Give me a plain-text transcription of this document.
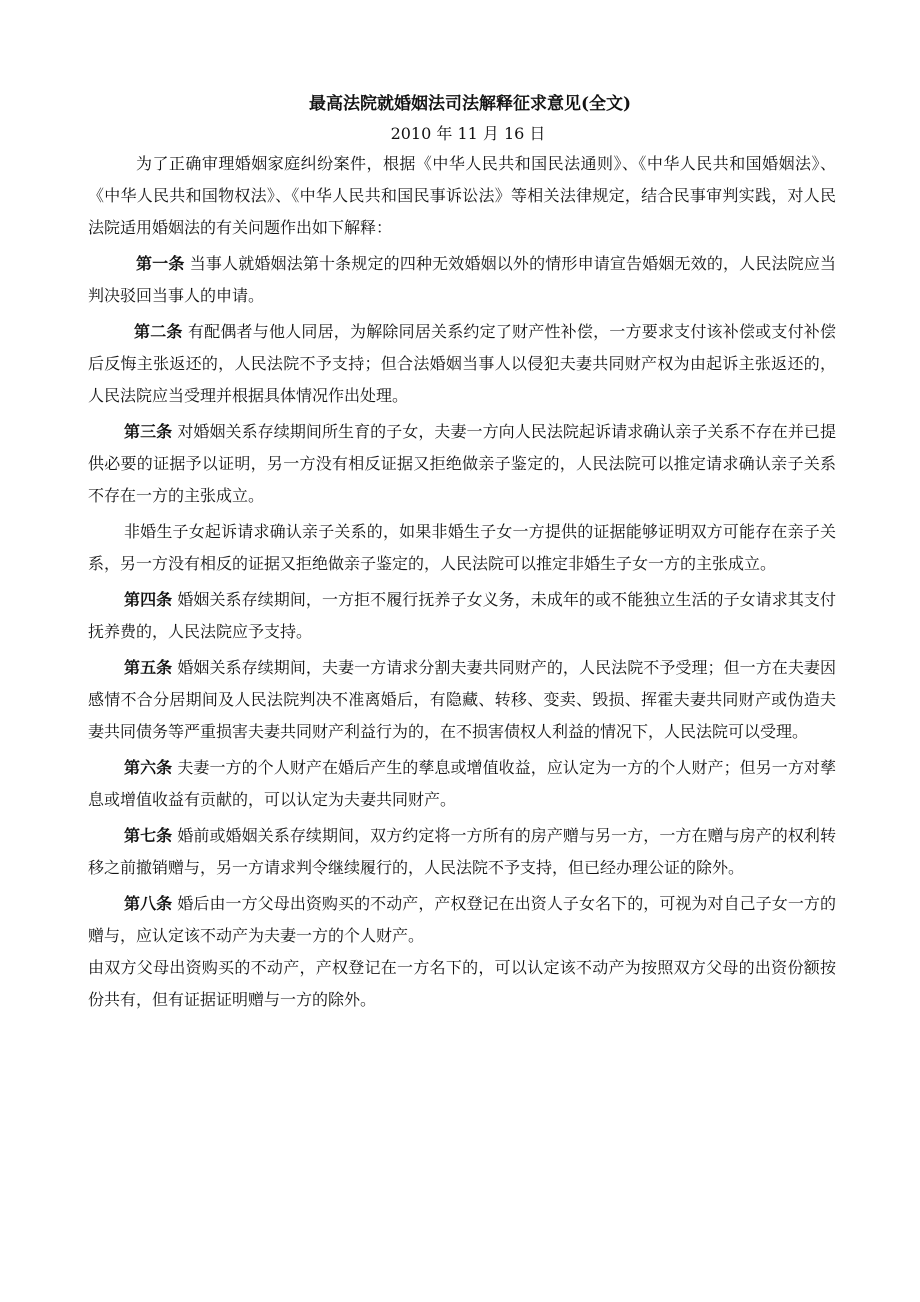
最高法院就婚姻法司法解释征求意见(全文)

2010 年 11 月 16 日

为了正确审理婚姻家庭纠纷案件，根据《中华人民共和国民法通则》、《中华人民共和国婚姻法》、《中华人民共和国物权法》、《中华人民共和国民事诉讼法》等相关法律规定，结合民事审判实践，对人民法院适用婚姻法的有关问题作出如下解释：

第一条 当事人就婚姻法第十条规定的四种无效婚姻以外的情形申请宣告婚姻无效的，人民法院应当判决驳回当事人的申请。

第二条 有配偶者与他人同居，为解除同居关系约定了财产性补偿，一方要求支付该补偿或支付补偿后反悔主张返还的，人民法院不予支持；但合法婚姻当事人以侵犯夫妻共同财产权为由起诉主张返还的，人民法院应当受理并根据具体情况作出处理。

第三条 对婚姻关系存续期间所生育的子女，夫妻一方向人民法院起诉请求确认亲子关系不存在并已提供必要的证据予以证明，另一方没有相反证据又拒绝做亲子鉴定的，人民法院可以推定请求确认亲子关系不存在一方的主张成立。

非婚生子女起诉请求确认亲子关系的，如果非婚生子女一方提供的证据能够证明双方可能存在亲子关系，另一方没有相反的证据又拒绝做亲子鉴定的，人民法院可以推定非婚生子女一方的主张成立。

第四条 婚姻关系存续期间，一方拒不履行抚养子女义务，未成年的或不能独立生活的子女请求其支付抚养费的，人民法院应予支持。

第五条 婚姻关系存续期间，夫妻一方请求分割夫妻共同财产的，人民法院不予受理；但一方在夫妻因感情不合分居期间及人民法院判决不准离婚后，有隐藏、转移、变卖、毁损、挥霍夫妻共同财产或伪造夫妻共同债务等严重损害夫妻共同财产利益行为的，在不损害债权人利益的情况下，人民法院可以受理。

第六条 夫妻一方的个人财产在婚后产生的孳息或增值收益，应认定为一方的个人财产；但另一方对孳息或增值收益有贡献的，可以认定为夫妻共同财产。

第七条 婚前或婚姻关系存续期间，双方约定将一方所有的房产赠与另一方，一方在赠与房产的权利转移之前撤销赠与，另一方请求判令继续履行的，人民法院不予支持，但已经办理公证的除外。

第八条 婚后由一方父母出资购买的不动产，产权登记在出资人子女名下的，可视为对自己子女一方的赠与，应认定该不动产为夫妻一方的个人财产。

由双方父母出资购买的不动产，产权登记在一方名下的，可以认定该不动产为按照双方父母的出资份额按份共有，但有证据证明赠与一方的除外。
